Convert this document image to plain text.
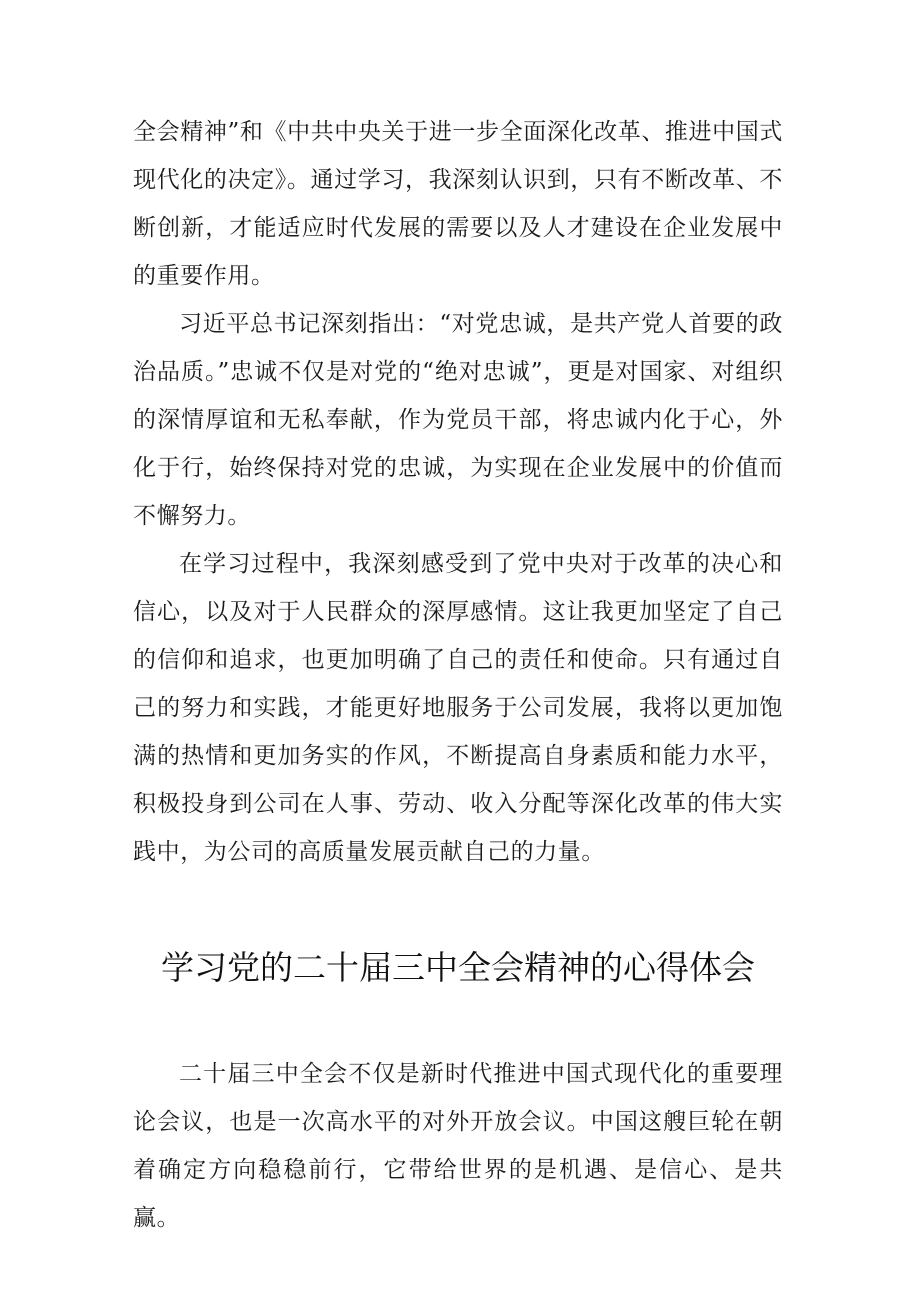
全会精神”和《中共中央关于进一步全面深化改革、推进中国式现代化的决定》。通过学习，我深刻认识到，只有不断改革、不断创新，才能适应时代发展的需要以及人才建设在企业发展中的重要作用。

习近平总书记深刻指出：“对党忠诚，是共产党人首要的政治品质。”忠诚不仅是对党的“绝对忠诚”，更是对国家、对组织的深情厚谊和无私奉献，作为党员干部，将忠诚内化于心，外化于行，始终保持对党的忠诚，为实现在企业发展中的价值而不懈努力。

在学习过程中，我深刻感受到了党中央对于改革的决心和信心，以及对于人民群众的深厚感情。这让我更加坚定了自己的信仰和追求，也更加明确了自己的责任和使命。只有通过自己的努力和实践，才能更好地服务于公司发展，我将以更加饱满的热情和更加务实的作风，不断提高自身素质和能力水平，积极投身到公司在人事、劳动、收入分配等深化改革的伟大实践中，为公司的高质量发展贡献自己的力量。

学习党的二十届三中全会精神的心得体会

二十届三中全会不仅是新时代推进中国式现代化的重要理论会议，也是一次高水平的对外开放会议。中国这艘巨轮在朝着确定方向稳稳前行，它带给世界的是机遇、是信心、是共赢。
